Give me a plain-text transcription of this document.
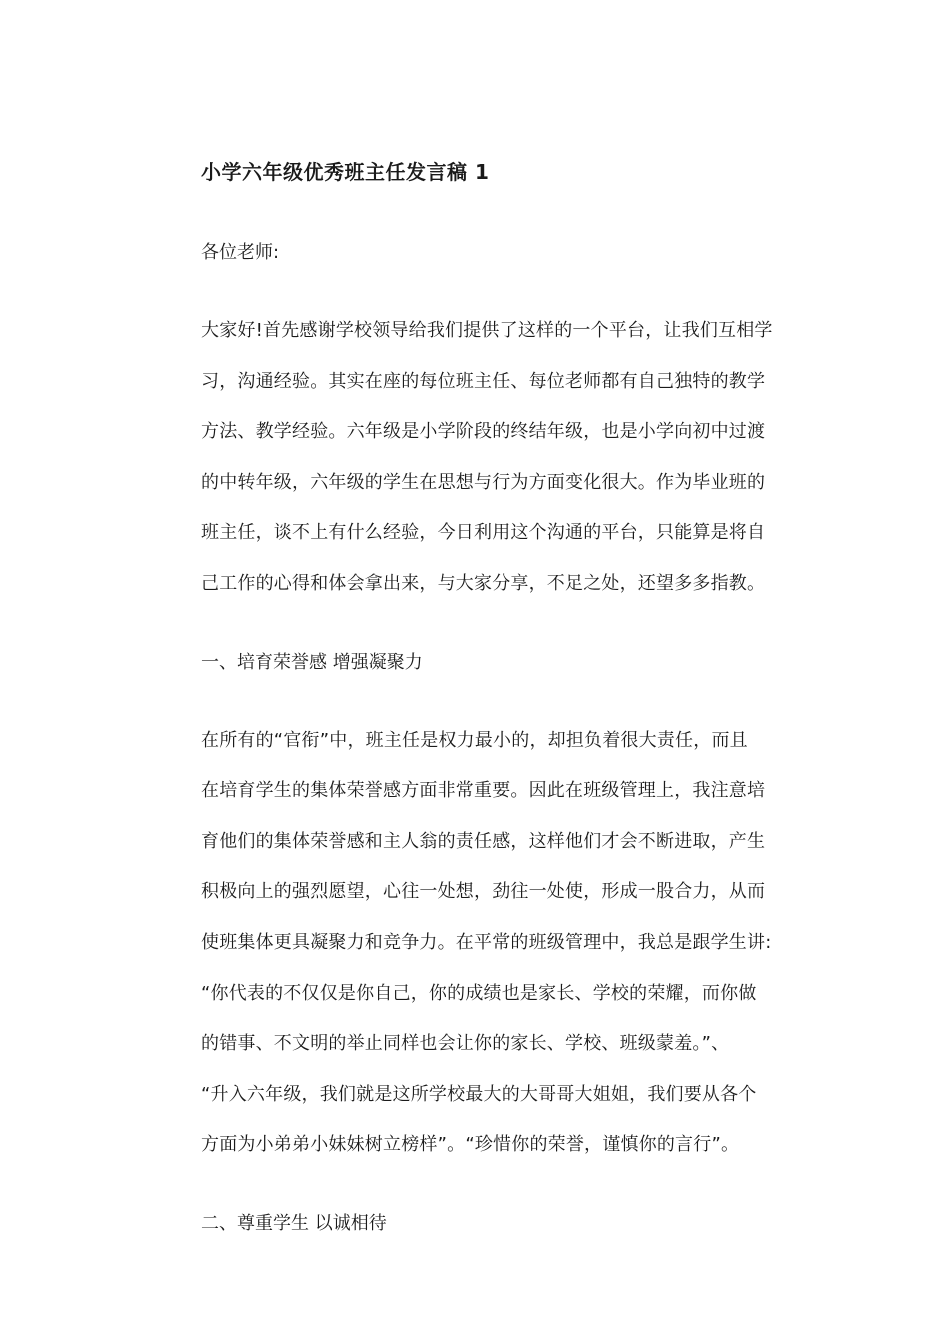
小学六年级优秀班主任发言稿 1
各位老师:
大家好!首先感谢学校领导给我们提供了这样的一个平台，让我们互相学
习，沟通经验。其实在座的每位班主任、每位老师都有自己独特的教学
方法、教学经验。六年级是小学阶段的终结年级，也是小学向初中过渡
的中转年级，六年级的学生在思想与行为方面变化很大。作为毕业班的
班主任，谈不上有什么经验，今日利用这个沟通的平台，只能算是将自
己工作的心得和体会拿出来，与大家分享，不足之处，还望多多指教。
一、培育荣誉感 增强凝聚力
在所有的“官衔”中，班主任是权力最小的，却担负着很大责任，而且
在培育学生的集体荣誉感方面非常重要。因此在班级管理上，我注意培
育他们的集体荣誉感和主人翁的责任感，这样他们才会不断进取，产生
积极向上的强烈愿望，心往一处想，劲往一处使，形成一股合力，从而
使班集体更具凝聚力和竞争力。在平常的班级管理中，我总是跟学生讲:
“你代表的不仅仅是你自己，你的成绩也是家长、学校的荣耀，而你做
的错事、不文明的举止同样也会让你的家长、学校、班级蒙羞。”、
“升入六年级，我们就是这所学校最大的大哥哥大姐姐，我们要从各个
方面为小弟弟小妹妹树立榜样”。“珍惜你的荣誉，谨慎你的言行”。
二、尊重学生 以诚相待
